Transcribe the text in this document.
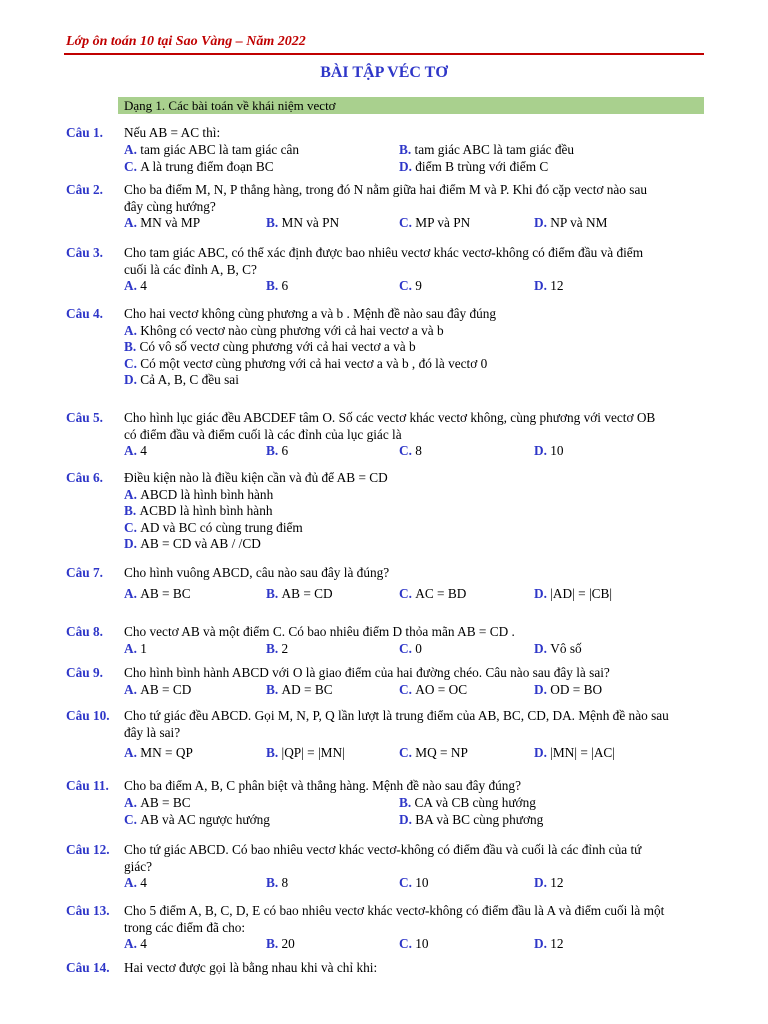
Lớp ôn toán 10 tại Sao Vàng – Năm 2022
BÀI TẬP VÉC TƠ
Dạng 1. Các bài toán về khái niệm vectơ
Câu 1.	Nếu AB = AC thì:
A. tam giác ABC là tam giác cân	B. tam giác ABC là tam giác đều
C. A là trung điểm đoạn BC	D. điểm B trùng với điểm C
Câu 2.	Cho ba điểm M, N, P thẳng hàng, trong đó N nằm giữa hai điểm M và P. Khi đó cặp vectơ nào sau
đây cùng hướng?
A. MN và MP	B. MN và PN	C. MP và PN	D. NP và NM
Câu 3.	Cho tam giác ABC, có thể xác định được bao nhiêu vectơ khác vectơ-không có điểm đầu và điểm
cuối là các đỉnh A, B, C?
A. 4	B. 6	C. 9	D. 12
Câu 4.	Cho hai vectơ không cùng phương a và b . Mệnh đề nào sau đây đúng
A. Không có vectơ nào cùng phương với cả hai vectơ a và b
B. Có vô số vectơ cùng phương với cả hai vectơ a và b
C. Có một vectơ cùng phương với cả hai vectơ a và b , đó là vectơ 0
D. Cả A, B, C đều sai
Câu 5.	Cho hình lục giác đều ABCDEF tâm O. Số các vectơ khác vectơ không, cùng phương với vectơ OB
có điểm đầu và điểm cuối là các đỉnh của lục giác là
A. 4	B. 6	C. 8	D. 10
Câu 6.	Điều kiện nào là điều kiện cần và đủ để AB = CD
A. ABCD là hình bình hành
B. ACBD là hình bình hành
C. AD và BC có cùng trung điểm
D. AB = CD và AB / /CD
Câu 7.	Cho hình vuông ABCD, câu nào sau đây là đúng?
A. AB = BC	B. AB = CD	C. AC = BD	D. |AD| = |CB|
Câu 8.	Cho vectơ AB và một điểm C. Có bao nhiêu điểm D thỏa mãn AB = CD .
A. 1	B. 2	C. 0	D. Vô số
Câu 9.	Cho hình bình hành ABCD với O là giao điểm của hai đường chéo. Câu nào sau đây là sai?
A. AB = CD	B. AD = BC	C. AO = OC	D. OD = BO
Câu 10.	Cho tứ giác đều ABCD. Gọi M, N, P, Q lần lượt là trung điểm của AB, BC, CD, DA. Mệnh đề nào sau
đây là sai?
A. MN = QP	B. |QP| = |MN|	C. MQ = NP	D. |MN| = |AC|
Câu 11.	Cho ba điểm A, B, C phân biệt và thẳng hàng. Mệnh đề nào sau đây đúng?
A. AB = BC	B. CA và CB cùng hướng
C. AB và AC ngược hướng	D. BA và BC cùng phương
Câu 12.	Cho tứ giác ABCD. Có bao nhiêu vectơ khác vectơ-không có điểm đầu và cuối là các đỉnh của tứ
giác?
A. 4	B. 8	C. 10	D. 12
Câu 13.	Cho 5 điểm A, B, C, D, E có bao nhiêu vectơ khác vectơ-không có điểm đầu là A và điểm cuối là một
trong các điểm đã cho:
A. 4	B. 20	C. 10	D. 12
Câu 14.	Hai vectơ được gọi là bằng nhau khi và chỉ khi:
